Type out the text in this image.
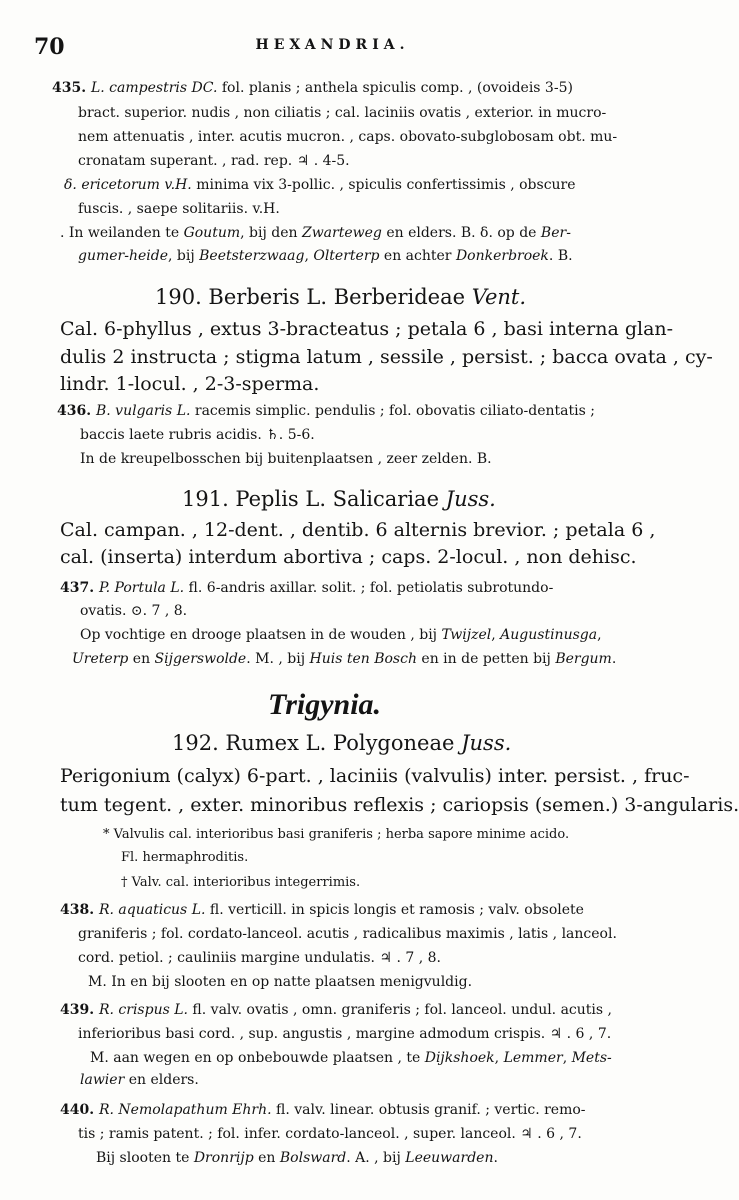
70	HEXANDRIA.
435. L. campestris DC. fol. planis ; anthela spiculis comp. , (ovoideis 3-5)
bract. superior. nudis , non ciliatis ; cal. laciniis ovatis , exterior. in mucro-
nem attenuatis , inter. acutis mucron. , caps. obovato-subglobosam obt. mu-
cronatam superant. , rad. rep. ♃ . 4-5.
δ. ericetorum v.H. minima vix 3-pollic. , spiculis confertissimis , obscure
fuscis. , saepe solitariis. v.H.
. In weilanden te Goutum, bij den Zwarteweg en elders. B. δ. op de Ber-
gumer-heide, bij Beetsterzwaag, Olterterp en achter Donkerbroek. B.
190. Berberis L. Berberideae Vent.
Cal. 6-phyllus , extus 3-bracteatus ; petala 6 , basi interna glan-
dulis 2 instructa ; stigma latum , sessile , persist. ; bacca ovata , cy-
lindr. 1-locul. , 2-3-sperma.
436. B. vulgaris L. racemis simplic. pendulis ; fol. obovatis ciliato-dentatis ;
baccis laete rubris acidis. ♄. 5-6.
In de kreupelbosschen bij buitenplaatsen , zeer zelden. B.
191. Peplis L. Salicariae Juss.
Cal. campan. , 12-dent. , dentib. 6 alternis brevior. ; petala 6 ,
cal. (inserta) interdum abortiva ; caps. 2-locul. , non dehisc.
437. P. Portula L. fl. 6-andris axillar. solit. ; fol. petiolatis subrotundo-
ovatis. ⊙. 7 , 8.
Op vochtige en drooge plaatsen in de wouden , bij Twijzel, Augustinusga,
Ureterp en Sijgerswolde. M. , bij Huis ten Bosch en in de petten bij Bergum.
Trigynia.
192. Rumex L. Polygoneae Juss.
Perigonium (calyx) 6-part. , laciniis (valvulis) inter. persist. , fruc-
tum tegent. , exter. minoribus reflexis ; cariopsis (semen.) 3-angularis.
* Valvulis cal. interioribus basi graniferis ; herba sapore minime acido.
Fl. hermaphroditis.
† Valv. cal. interioribus integerrimis.
438. R. aquaticus L. fl. verticill. in spicis longis et ramosis ; valv. obsolete
graniferis ; fol. cordato-lanceol. acutis , radicalibus maximis , latis , lanceol.
cord. petiol. ; cauliniis margine undulatis. ♃ . 7 , 8.
M. In en bij slooten en op natte plaatsen menigvuldig.
439. R. crispus L. fl. valv. ovatis , omn. graniferis ; fol. lanceol. undul. acutis ,
inferioribus basi cord. , sup. angustis , margine admodum crispis. ♃ . 6 , 7.
M. aan wegen en op onbebouwde plaatsen , te Dijkshoek, Lemmer, Mets-
lawier en elders.
440. R. Nemolapathum Ehrh. fl. valv. linear. obtusis granif. ; vertic. remo-
tis ; ramis patent. ; fol. infer. cordato-lanceol. , super. lanceol. ♃ . 6 , 7.
Bij slooten te Dronrijp en Bolsward. A. , bij Leeuwarden.
